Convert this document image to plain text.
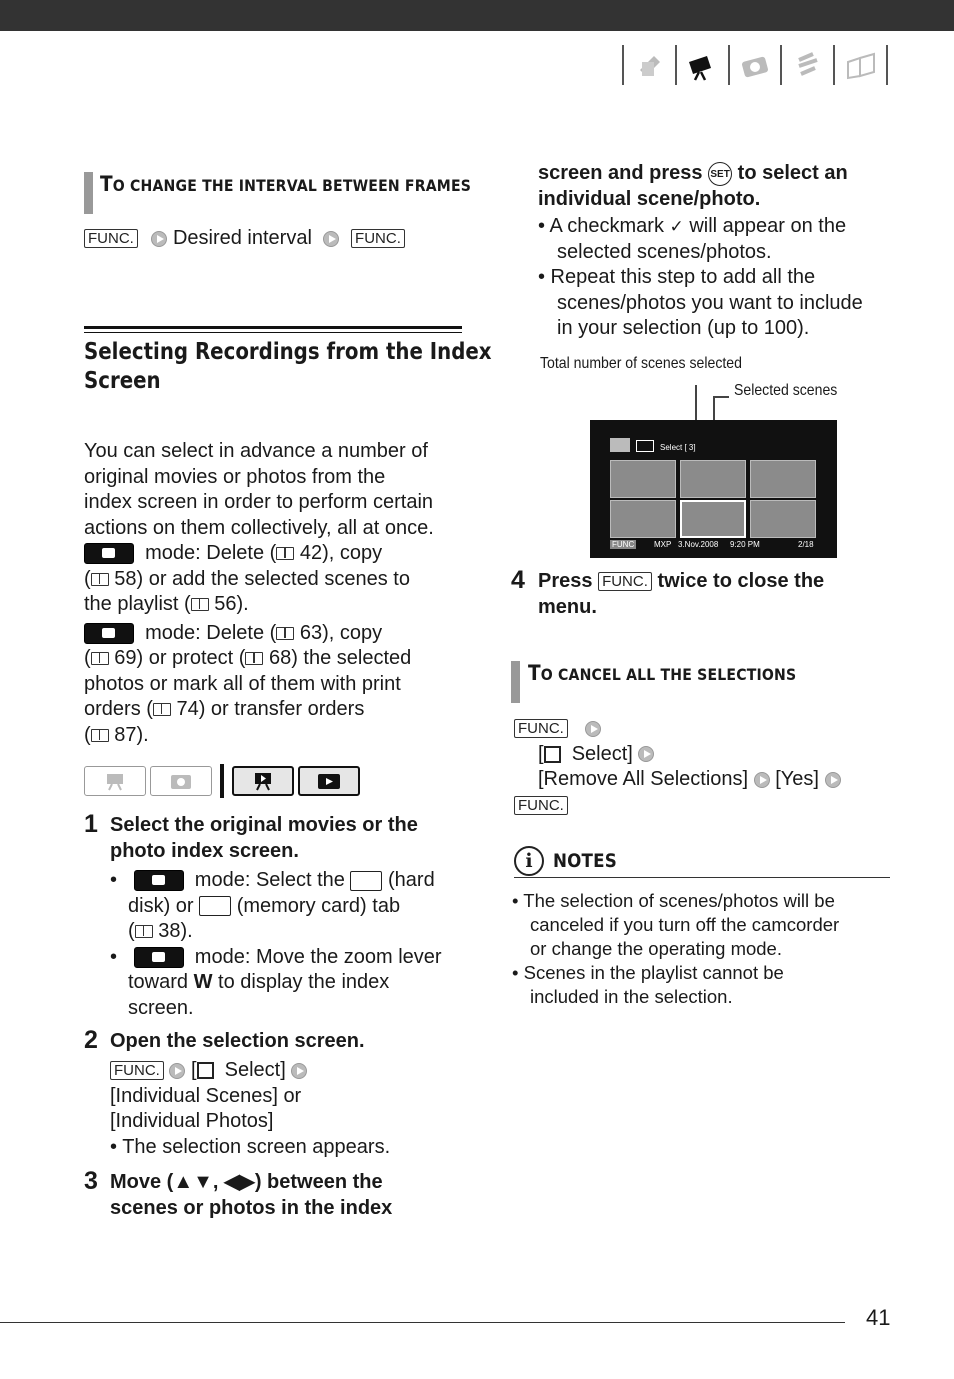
TO CHANGE THE INTERVAL BETWEEN FRAMES
FUNC. Desired interval	FUNC.
Selecting Recordings from the Index
Screen
You can select in advance a number of
original movies or photos from the
index screen in order to perform certain
actions on them collectively, all at once.
mode: Delete ( 42), copy
( 58) or add the selected scenes to
the playlist ( 56).
mode: Delete ( 63), copy
( 69) or protect ( 68) the selected
photos or mark all of them with print
orders ( 74) or transfer orders
( 87).
1 Select the original movies or the
photo index screen.
•	mode: Select the (hard
disk) or (memory card) tab
( 38).
•	mode: Move the zoom lever
toward W to display the index
screen.
2 Open the selection screen.
FUNC. [ Select]
[Individual Scenes] or
[Individual Photos]
• The selection screen appears.
3 Move (▲▼, ◀▶) between the
scenes or photos in the index
screen and press SET to select an
individual scene/photo.
• A checkmark ✓ will appear on the
selected scenes/photos.
• Repeat this step to add all the
scenes/photos you want to include
in your selection (up to 100).
Total number of scenes selected
Selected scenes
Select [ 3]
FUNC MXP 3.Nov.2008 9:20 PM	2/18
4 Press FUNC. twice to close the
menu.
TO CANCEL ALL THE SELECTIONS
FUNC.
[ Select]
[Remove All Selections] [Yes]
FUNC.
i	NOTES
• The selection of scenes/photos will be
canceled if you turn off the camcorder
or change the operating mode.
• Scenes in the playlist cannot be
included in the selection.
41
